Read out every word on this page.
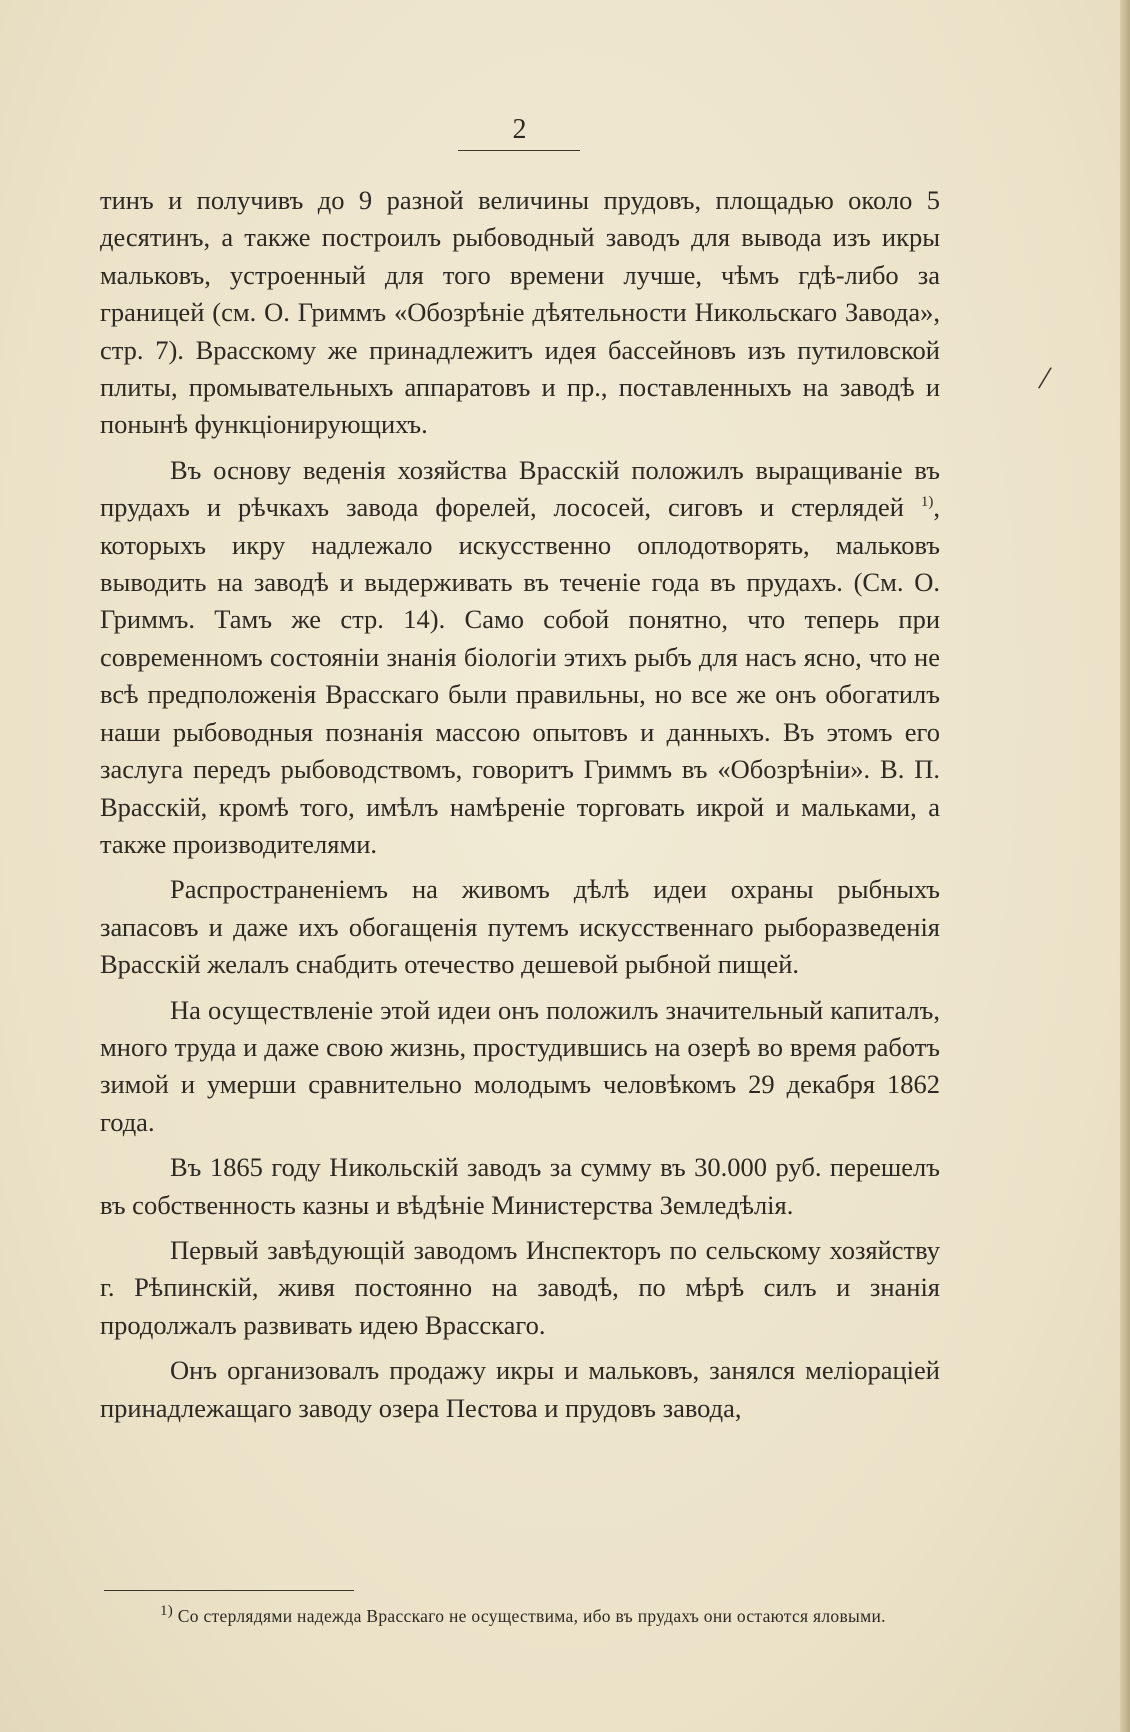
2
/

тинъ и получивъ до 9 разной величины прудовъ, площадью около 5 десятинъ, а также построилъ рыбоводный заводъ для вывода изъ икры мальковъ, устроенный для того времени лучше, чѣмъ гдѣ-либо за границей (см. О. Гриммъ «Обозрѣніе дѣятельности Никольскаго Завода», стр. 7). Врасскому же принадлежитъ идея бассейновъ изъ путиловской плиты, промывательныхъ аппаратовъ и пр., поставленныхъ на заводѣ и понынѣ функціонирующихъ.

Въ основу веденія хозяйства Врасскій положилъ выращиваніе въ прудахъ и рѣчкахъ завода форелей, лососей, сиговъ и стерлядей $^{1)}$, которыхъ икру надлежало искусственно оплодотворять, мальковъ выводить на заводѣ и выдерживать въ теченіе года въ прудахъ. (См. О. Гриммъ. Тамъ же стр. 14). Само собой понятно, что теперь при современномъ состояніи знанія біологіи этихъ рыбъ для насъ ясно, что не всѣ предположенія Врасскаго были правильны, но все же онъ обогатилъ наши рыбоводныя познанія массою опытовъ и данныхъ. Въ этомъ его заслуга передъ рыбоводствомъ, говоритъ Гриммъ въ «Обозрѣніи». В. П. Врасскій, кромѣ того, имѣлъ намѣреніе торговать икрой и мальками, а также производителями.

Распространеніемъ на живомъ дѣлѣ идеи охраны рыбныхъ запасовъ и даже ихъ обогащенія путемъ искусственнаго рыборазведенія Врасскій желалъ снабдить отечество дешевой рыбной пищей.

На осуществленіе этой идеи онъ положилъ значительный капиталъ, много труда и даже свою жизнь, простудившись на озерѣ во время работъ зимой и умерши сравнительно молодымъ человѣкомъ 29 декабря 1862 года.

Въ 1865 году Никольскій заводъ за сумму въ 30.000 руб. перешелъ въ собственность казны и вѣдѣніе Министерства Земледѣлія.

Первый завѣдующій заводомъ Инспекторъ по сельскому хозяйству г. Рѣпинскій, живя постоянно на заводѣ, по мѣрѣ силъ и знанія продолжалъ развивать идею Врасскаго.

Онъ организовалъ продажу икры и мальковъ, занялся меліораціей принадлежащаго заводу озера Пестова и прудовъ завода,

1) Со стерлядями надежда Врасскаго не осуществима, ибо въ прудахъ они остаются яловыми.
